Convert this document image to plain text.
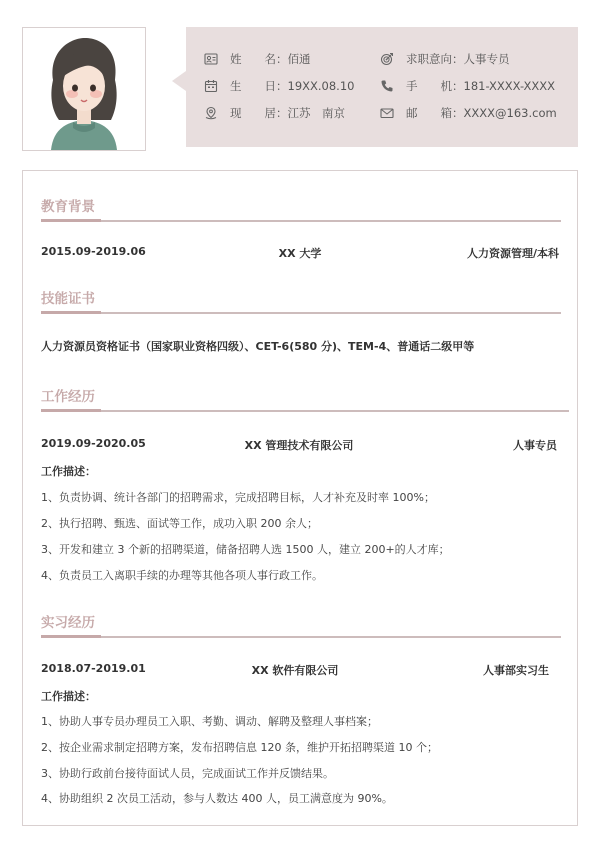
姓　　名： 佰通
生　　日： 19XX.08.10
现　　居： 江苏　南京
求职意向： 人事专员
手　　机： 181-XXXX-XXXX
邮　　箱： XXXX@163.com
教育背景
2015.09-2019.06	XX 大学	人力资源管理/本科
技能证书
人力资源员资格证书（国家职业资格四级）、CET-6(580 分)、TEM-4、普通话二级甲等
工作经历
2019.09-2020.05	XX 管理技术有限公司	人事专员
工作描述：
1、负责协调、统计各部门的招聘需求，完成招聘目标，人才补充及时率 100%；
2、执行招聘、甄选、面试等工作，成功入职 200 余人；
3、开发和建立 3 个新的招聘渠道，储备招聘人选 1500 人，建立 200+的人才库；
4、负责员工入离职手续的办理等其他各项人事行政工作。
实习经历
2018.07-2019.01	XX 软件有限公司	人事部实习生
工作描述：
1、协助人事专员办理员工入职、考勤、调动、解聘及整理人事档案；
2、按企业需求制定招聘方案，发布招聘信息 120 条，维护开拓招聘渠道 10 个；
3、协助行政前台接待面试人员，完成面试工作并反馈结果。
4、协助组织 2 次员工活动，参与人数达 400 人，员工满意度为 90%。
